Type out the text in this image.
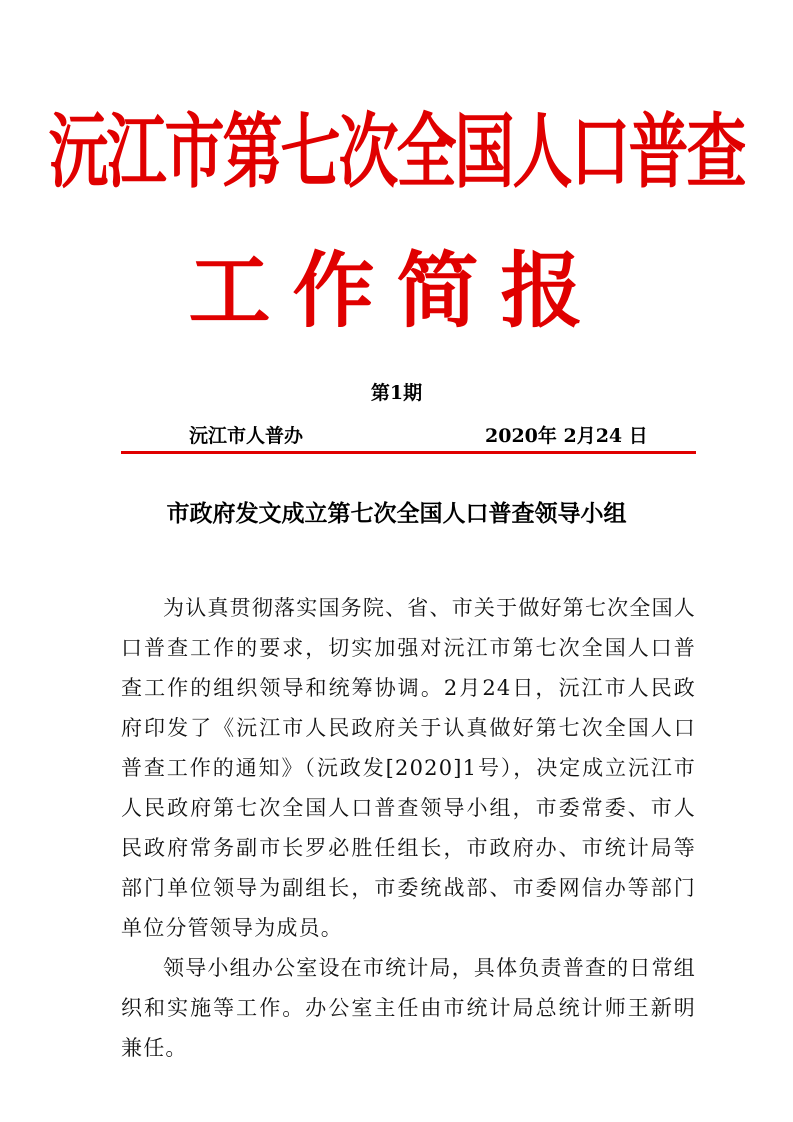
沅江市第七次全国人口普查
工作简报
第1期
沅江市人普办	2020年 2月24 日
市政府发文成立第七次全国人口普查领导小组

为认真贯彻落实国务院、省、市关于做好第七次全国人口普查工作的要求，切实加强对沅江市第七次全国人口普查工作的组织领导和统筹协调。2月24日，沅江市人民政府印发了《沅江市人民政府关于认真做好第七次全国人口普查工作的通知》（沅政发[2020]1号），决定成立沅江市人民政府第七次全国人口普查领导小组，市委常委、市人民政府常务副市长罗必胜任组长，市政府办、市统计局等部门单位领导为副组长，市委统战部、市委网信办等部门单位分管领导为成员。

领导小组办公室设在市统计局，具体负责普查的日常组织和实施等工作。办公室主任由市统计局总统计师王新明兼任。
